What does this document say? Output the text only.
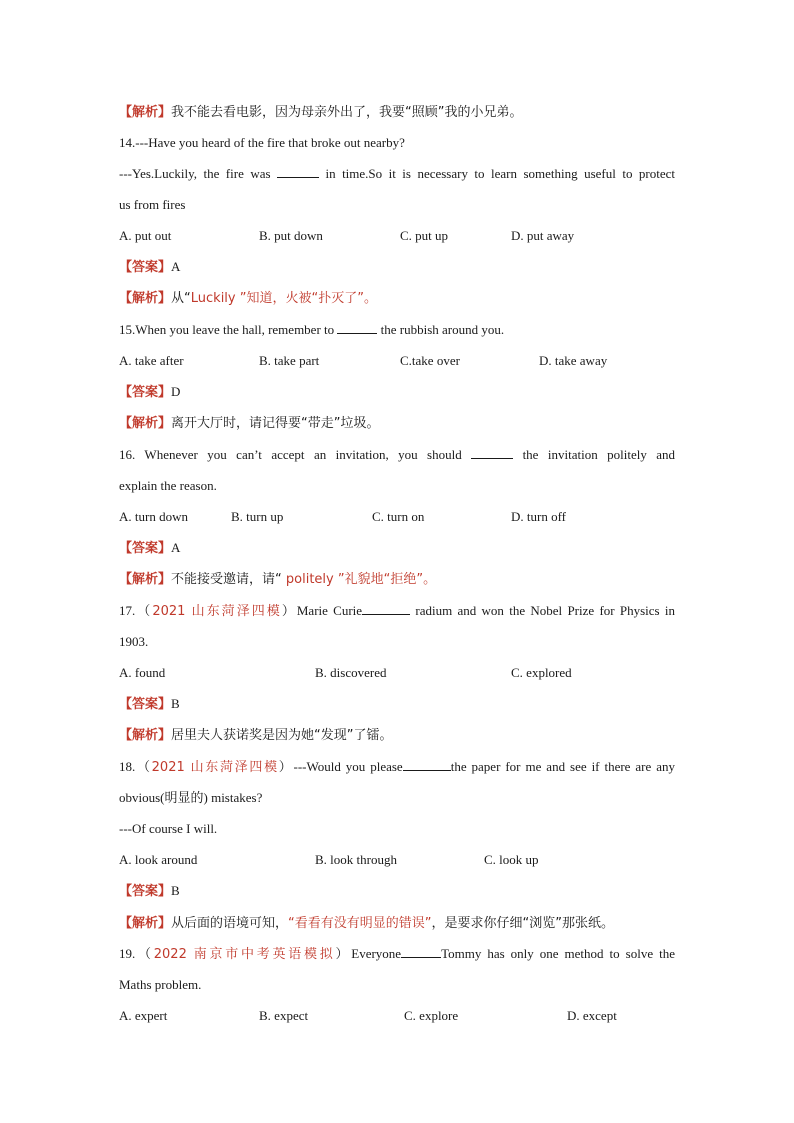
【解析】我不能去看电影，因为母亲外出了，我要“照顾”我的小兄弟。
14.---Have you heard of the fire that broke out nearby?
---Yes.Luckily, the fire was	in time.So it is necessary to learn something useful to protect
us from fires
A. put out	B. put down	C. put up	D. put away
【答案】A
【解析】从“Luckily ”知道，火被“扑灭了”。
15.When you leave the hall, remember to	the rubbish around you.
A. take after	B. take part	C.take over	D. take away
【答案】D
【解析】离开大厅时，请记得要“带走”垃圾。
16. Whenever you can’t accept an invitation, you should	the invitation politely and
explain the reason.
A. turn down	B. turn up	C. turn on	D. turn off
【答案】A
【解析】不能接受邀请，请“ politely ”礼貌地“拒绝”。
17.（2021 山东菏泽四模）Marie Curie	radium and won the Nobel Prize for Physics in
1903.
A. found	B. discovered	C. explored
【答案】B
【解析】居里夫人获诺奖是因为她“发现”了镭。
18.（2021 山东菏泽四模）---Would you please	the paper for me and see if there are any
obvious(明显的) mistakes?
---Of course I will.
A. look around	B. look through	C. look up
【答案】B
【解析】从后面的语境可知，“看看有没有明显的错误”，是要求你仔细“浏览”那张纸。
19.（2022 南京市中考英语模拟）Everyone	Tommy has only one method to solve the
Maths problem.
A. expert	B. expect	C. explore	D. except
